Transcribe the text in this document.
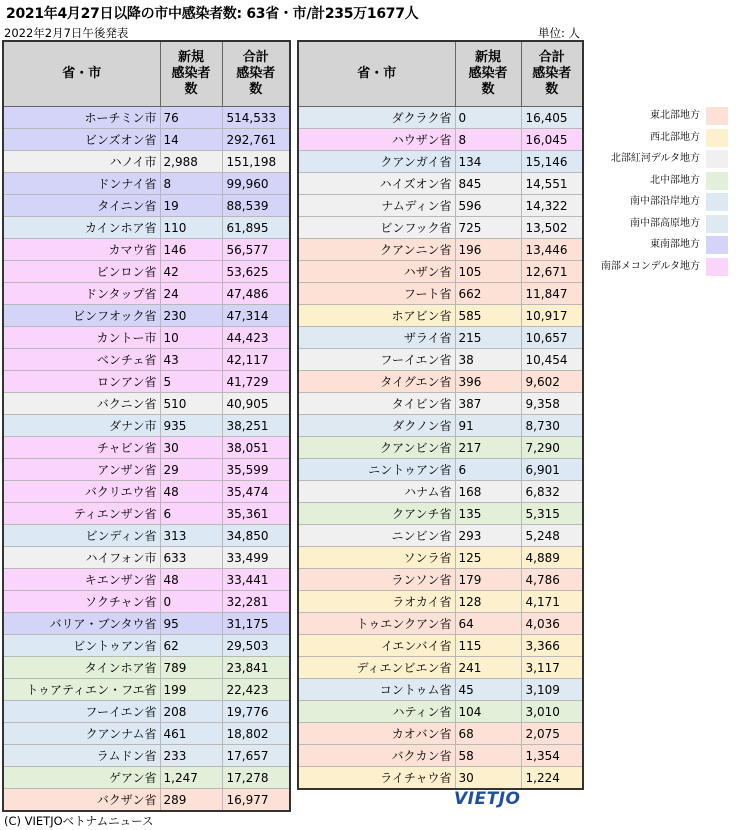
2021年4月27日以降の市中感染者数: 63省・市/計235万1677人
2022年2月7日午後発表	単位: 人
省・市	新規
感染者
数	合計
感染者
数
ホーチミン市	76	514,533
ビンズオン省	14	292,761
ハノイ市	2,988	151,198
ドンナイ省	8	99,960
タイニン省	19	88,539
カインホア省	110	61,895
カマウ省	146	56,577
ビンロン省	42	53,625
ドンタップ省	24	47,486
ビンフオック省	230	47,314
カントー市	10	44,423
ベンチェ省	43	42,117
ロンアン省	5	41,729
バクニン省	510	40,905
ダナン市	935	38,251
チャビン省	30	38,051
アンザン省	29	35,599
バクリエウ省	48	35,474
ティエンザン省	6	35,361
ビンディン省	313	34,850
ハイフォン市	633	33,499
キエンザン省	48	33,441
ソクチャン省	0	32,281
バリア・ブンタウ省	95	31,175
ビントゥアン省	62	29,503
タインホア省	789	23,841
トゥアティエン・フエ省	199	22,423
フーイエン省	208	19,776
クアンナム省	461	18,802
ラムドン省	233	17,657
ゲアン省	1,247	17,278
バクザン省	289	16,977
省・市	新規
感染者
数	合計
感染者
数
ダクラク省	0	16,405
ハウザン省	8	16,045
クアンガイ省	134	15,146
ハイズオン省	845	14,551
ナムディン省	596	14,322
ビンフック省	725	13,502
クアンニン省	196	13,446
ハザン省	105	12,671
フート省	662	11,847
ホアビン省	585	10,917
ザライ省	215	10,657
フーイエン省	38	10,454
タイグエン省	396	9,602
タイビン省	387	9,358
ダクノン省	91	8,730
クアンビン省	217	7,290
ニントゥアン省	6	6,901
ハナム省	168	6,832
クアンチ省	135	5,315
ニンビン省	293	5,248
ソンラ省	125	4,889
ランソン省	179	4,786
ラオカイ省	128	4,171
トゥエンクアン省	64	4,036
イエンバイ省	115	3,366
ディエンビエン省	241	3,117
コントゥム省	45	3,109
ハティン省	104	3,010
カオバン省	68	2,075
バクカン省	58	1,354
ライチャウ省	30	1,224
東北部地方
西北部地方
北部紅河デルタ地方
北中部地方
南中部沿岸地方
南中部高原地方
東南部地方
南部メコンデルタ地方
VIETJO
(C) VIETJOベトナムニュース
